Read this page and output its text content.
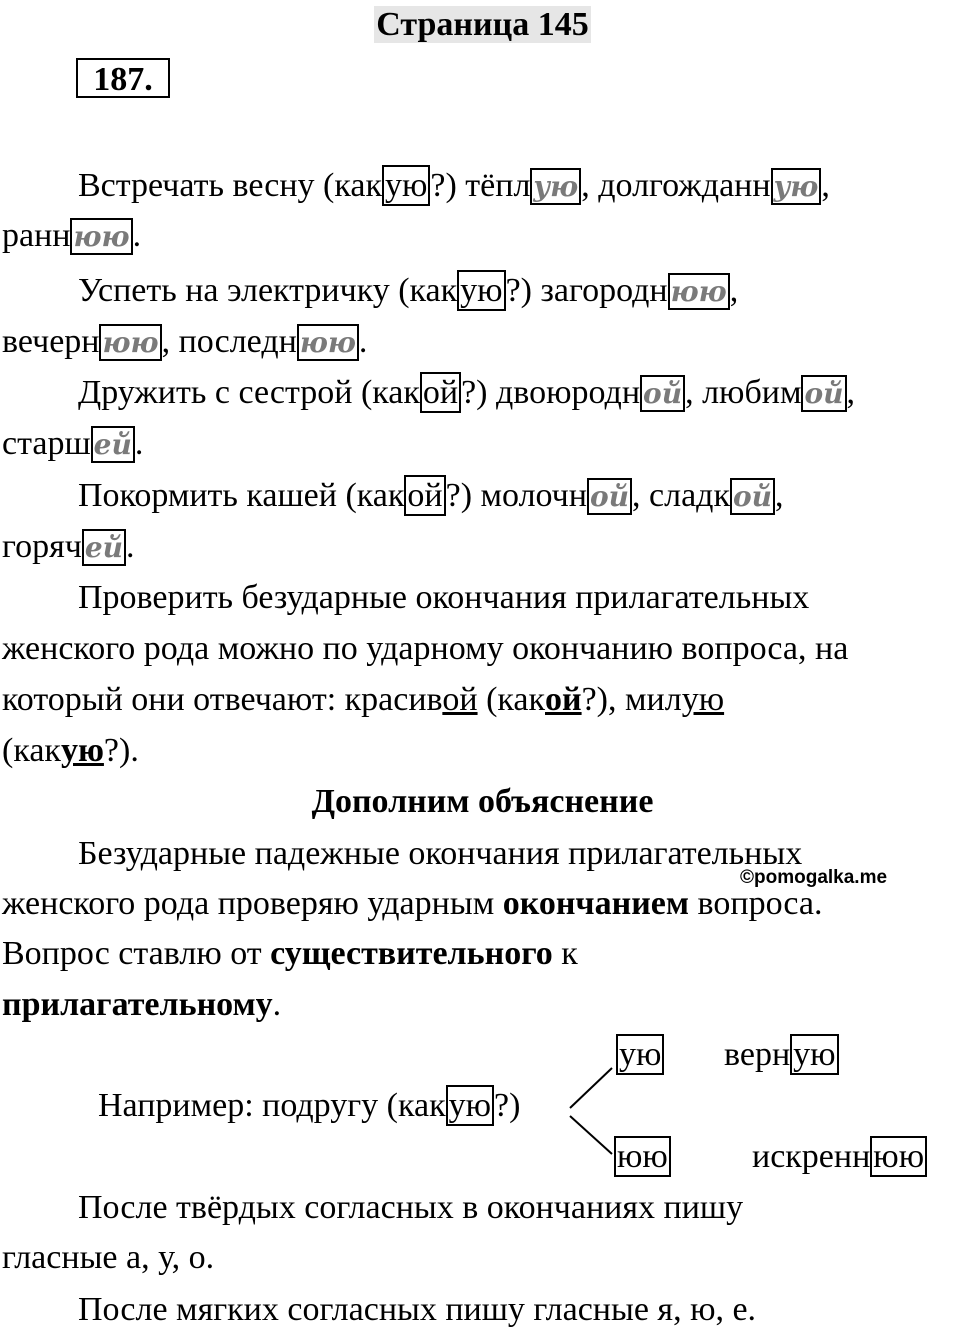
Страница 145
187.
Встречать весну (какую?) тёпл ую, долгожданн ую,
ранн юю.
Успеть на электричку (какую?) загородн юю,
вечерн юю, последн юю.
Дружить с сестрой (какой?) двоюродн ой, любим ой,
старш ей.
Покормить кашей (какой?) молочн ой, сладк ой,
горяч ей.
Проверить безударные окончания прилагательных
женского рода можно по ударному окончанию вопроса, на
который они отвечают: красивой (какой?), милую
(какую?).
Дополним объяснение
Безударные падежные окончания прилагательных
©pomogalka.me
женского рода проверяю ударным окончанием вопроса.
Вопрос ставлю от существительного к
прилагательному.
ую верную
Например: подругу (какую?)
юю искреннюю
После твёрдых согласных в окончаниях пишу
гласные а, у, о.
После мягких согласных пишу гласные я, ю, е.
